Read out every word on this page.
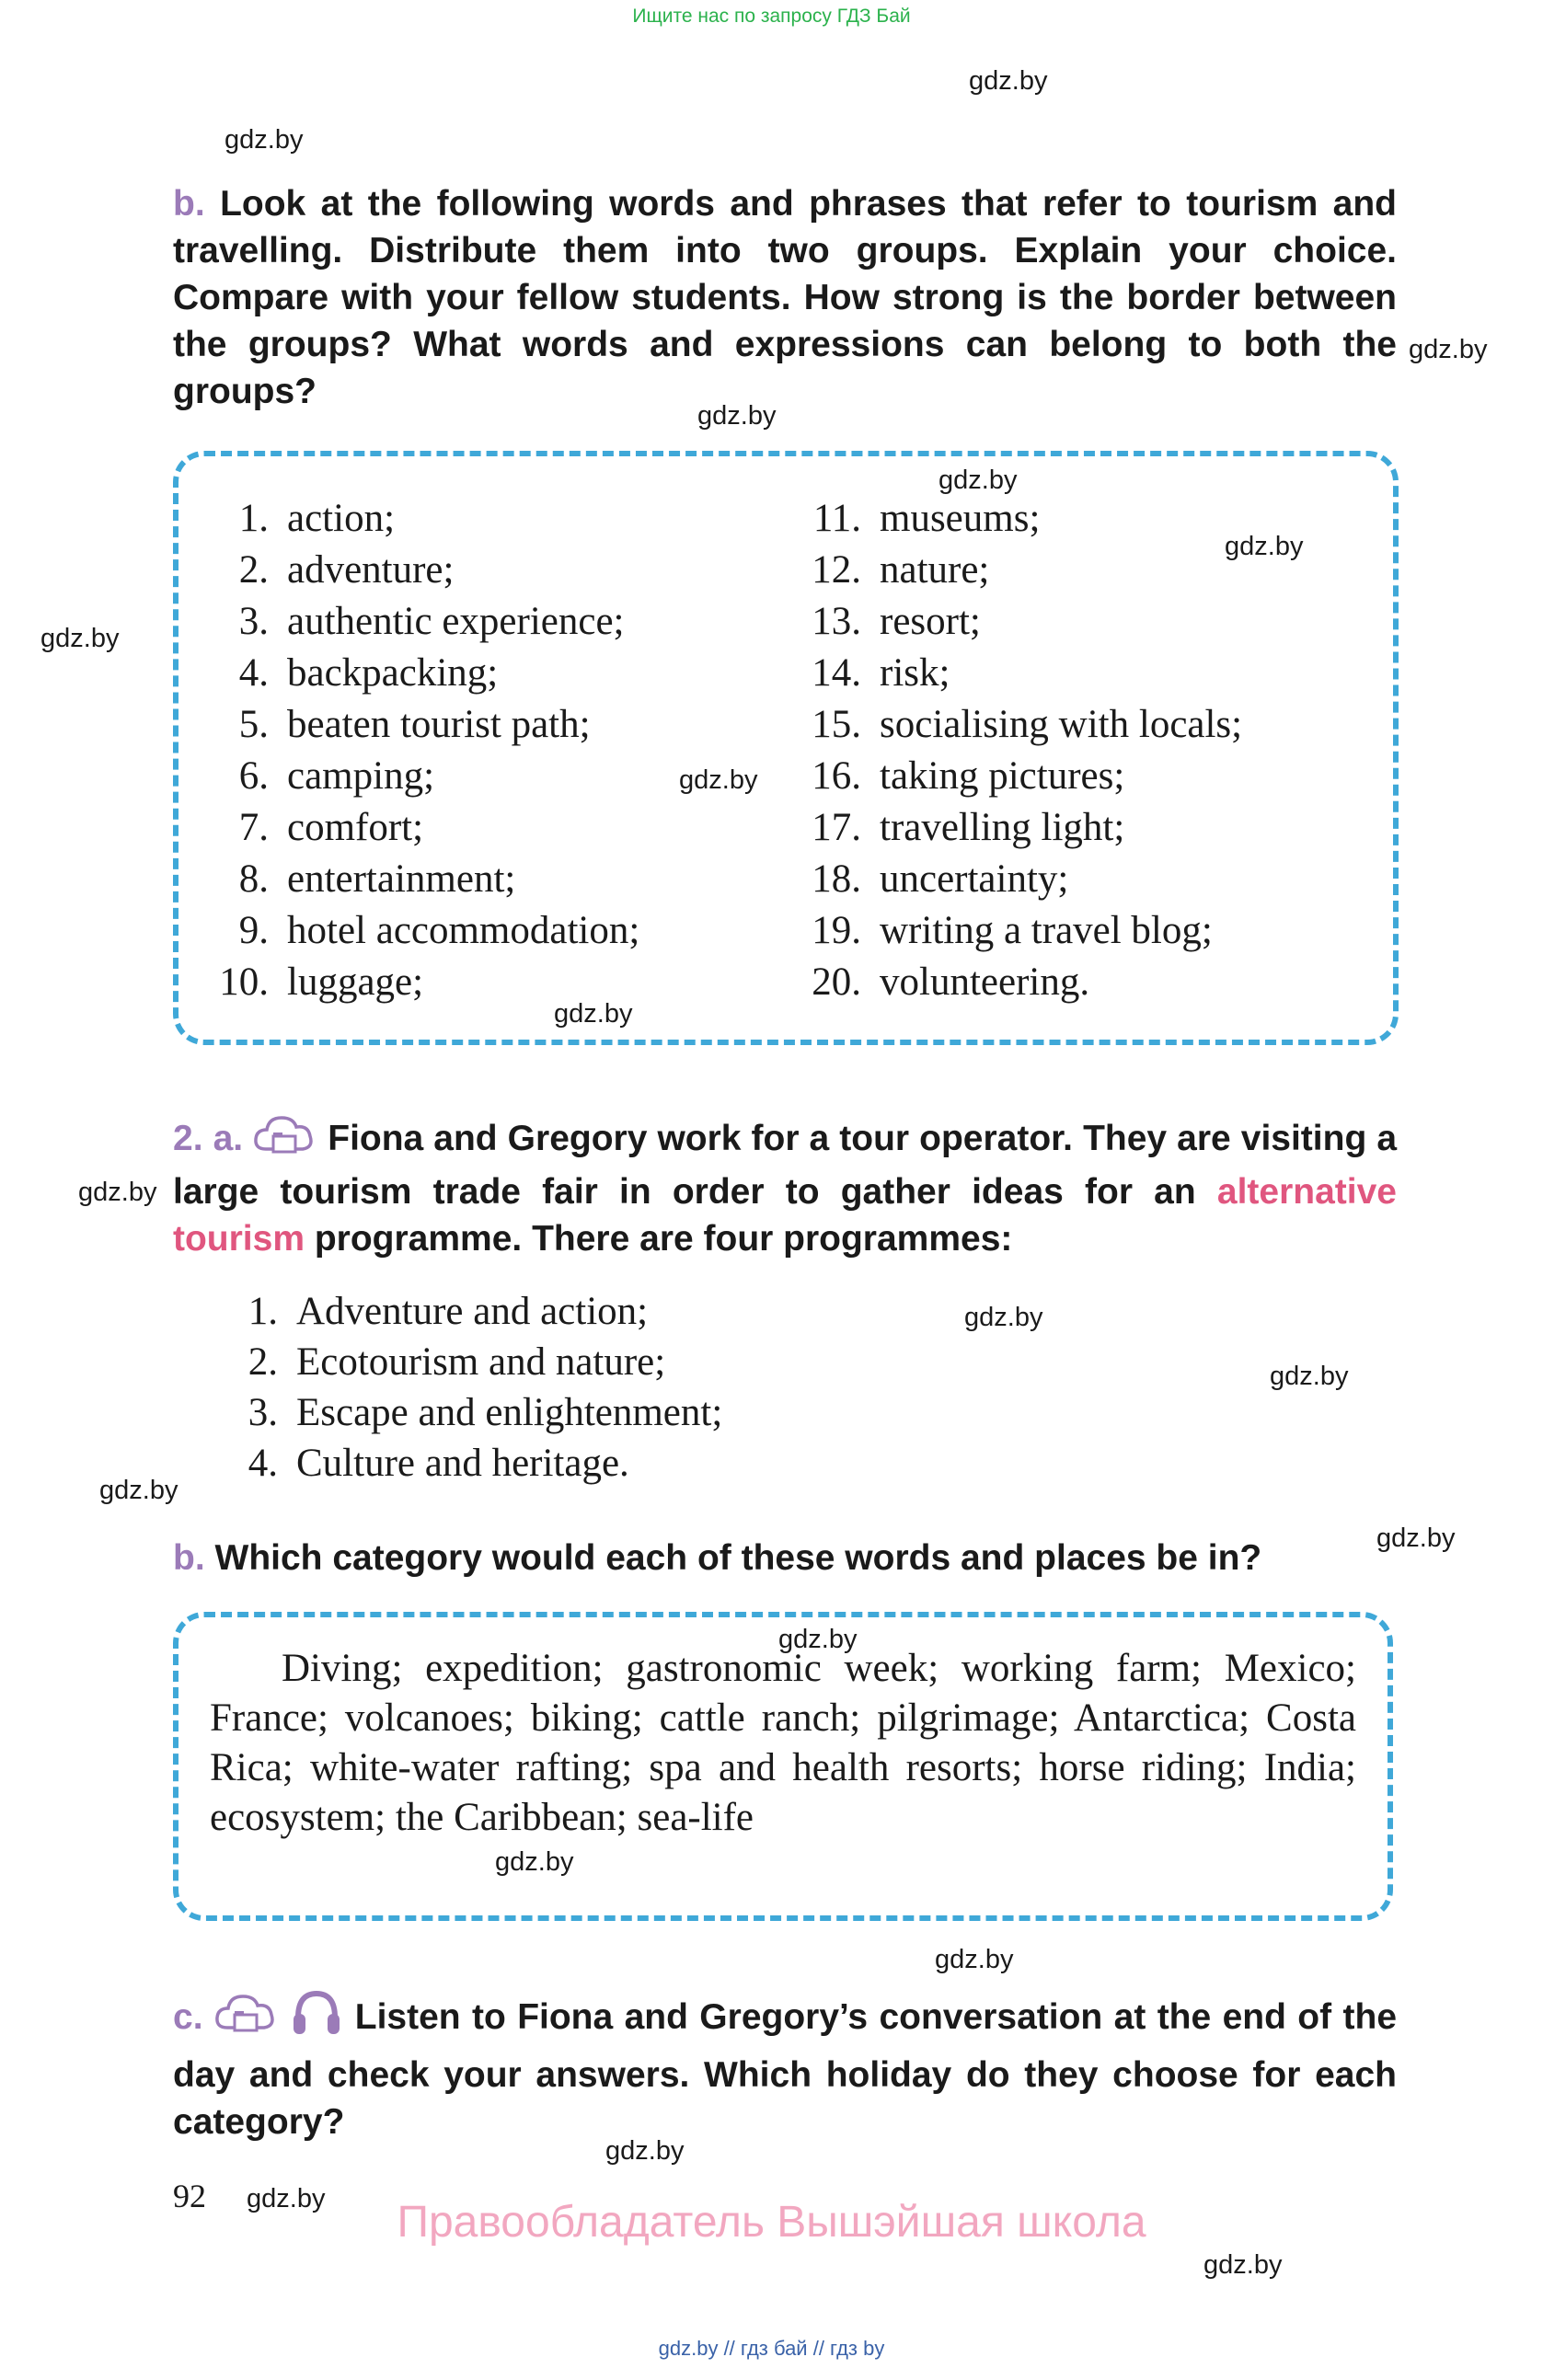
Ищите нас по запросу ГДЗ Бай
gdz.by
gdz.by
gdz.by
gdz.by
gdz.by
gdz.by
gdz.by
gdz.by
gdz.by
gdz.by
gdz.by
gdz.by
gdz.by
gdz.by
gdz.by
gdz.by
gdz.by
gdz.by
gdz.by
gdz.by
b. Look at the following words and phrases that refer to tourism and travelling. Distribute them into two groups. Explain your choice. Compare with your fellow students. How strong is the border between the groups? What words and expressions can belong to both the groups?
1. action;
2. adventure;
3. authentic experience;
4. backpacking;
5. beaten tourist path;
6. camping;
7. comfort;
8. entertainment;
9. hotel accommodation;
10. luggage;
11. museums;
12. nature;
13. resort;
14. risk;
15. socialising with locals;
16. taking pictures;
17. travelling light;
18. uncertainty;
19. writing a travel blog;
20. volunteering.
2. a. Fiona and Gregory work for a tour operator. They are visiting a large tourism trade fair in order to gather ideas for an alternative tourism programme. There are four programmes:
1. Adventure and action;
2. Ecotourism and nature;
3. Escape and enlightenment;
4. Culture and heritage.
b. Which category would each of these words and places be in?
Diving; expedition; gastronomic week; working farm; Mexico; France; volcanoes; biking; cattle ranch; pilgrimage; Antarctica; Costa Rica; white-water rafting; spa and health resorts; horse riding; India; ecosystem; the Caribbean; sea-life
c.	Listen to Fiona and Gregory’s conversation at the end of the day and check your answers. Which holiday do they choose for each category?
92
Правообладатель Вышэйшая школа
gdz.by // гдз бай // гдз by
